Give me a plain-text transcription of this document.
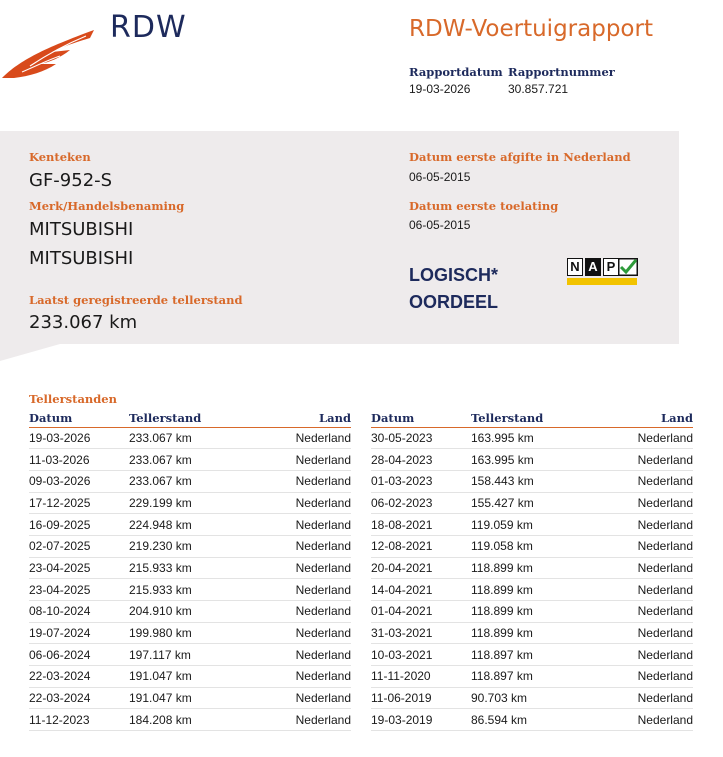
RDW	RDW-Voertuigrapport
Rapportdatum
19-03-2026
Rapportnummer
30.857.721
Kenteken
GF-952-S
Merk/Handelsbenaming
MITSUBISHI
MITSUBISHI
Laatst geregistreerde tellerstand
233.067 km
Datum eerste afgifte in Nederland
06-05-2015
Datum eerste toelating
06-05-2015
LOGISCH*
OORDEEL
N A P
Tellerstanden
Datum	Tellerstand	Land
19-03-2026	233.067 km	Nederland
11-03-2026	233.067 km	Nederland
09-03-2026	233.067 km	Nederland
17-12-2025	229.199 km	Nederland
16-09-2025	224.948 km	Nederland
02-07-2025	219.230 km	Nederland
23-04-2025	215.933 km	Nederland
23-04-2025	215.933 km	Nederland
08-10-2024	204.910 km	Nederland
19-07-2024	199.980 km	Nederland
06-06-2024	197.117 km	Nederland
22-03-2024	191.047 km	Nederland
22-03-2024	191.047 km	Nederland
11-12-2023	184.208 km	Nederland
Datum	Tellerstand	Land
30-05-2023	163.995 km	Nederland
28-04-2023	163.995 km	Nederland
01-03-2023	158.443 km	Nederland
06-02-2023	155.427 km	Nederland
18-08-2021	119.059 km	Nederland
12-08-2021	119.058 km	Nederland
20-04-2021	118.899 km	Nederland
14-04-2021	118.899 km	Nederland
01-04-2021	118.899 km	Nederland
31-03-2021	118.899 km	Nederland
10-03-2021	118.897 km	Nederland
11-11-2020	118.897 km	Nederland
11-06-2019	90.703 km	Nederland
19-03-2019	86.594 km	Nederland
